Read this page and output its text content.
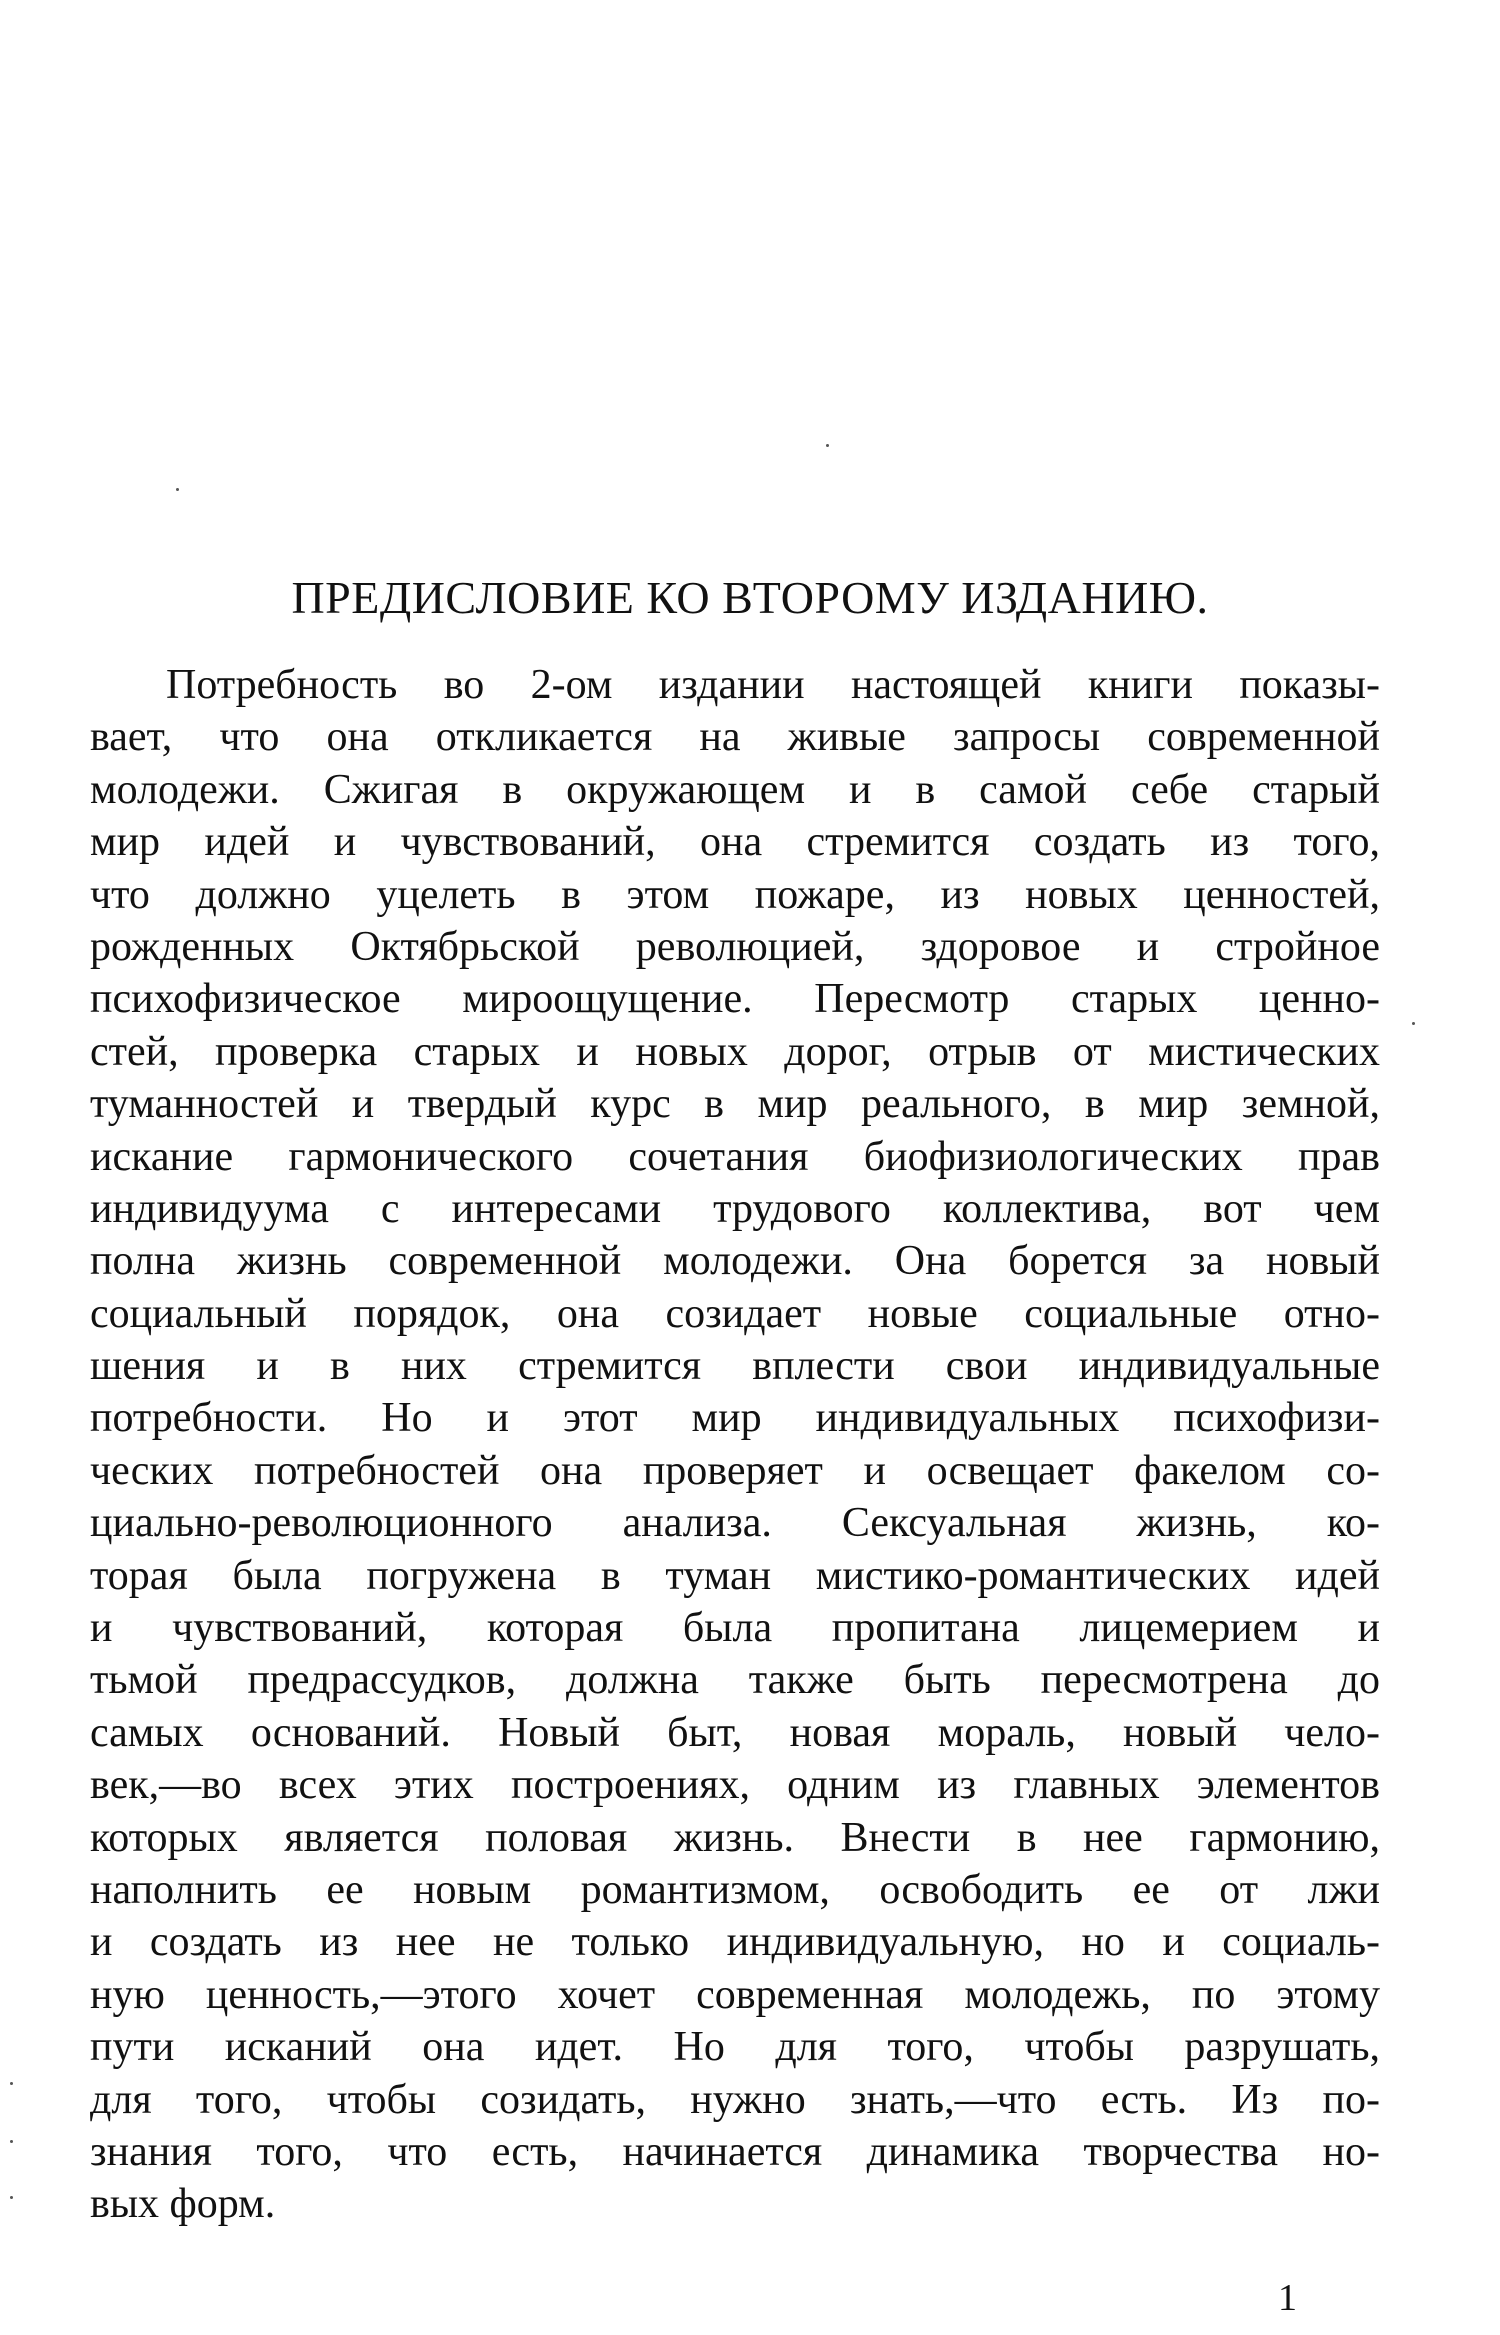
ПРЕДИСЛОВИЕ КО ВТОРОМУ ИЗДАНИЮ.
Потребность во 2-ом издании настоящей книги показы-
вает, что она откликается на живые запросы современной
молодежи. Сжигая в окружающем и в самой себе старый
мир идей и чувствований, она стремится создать из того,
что должно уцелеть в этом пожаре, из новых ценностей,
рожденных Октябрьской революцией, здоровое и стройное
психофизическое мироощущение. Пересмотр старых ценно-
стей, проверка старых и новых дорог, отрыв от мистических
туманностей и твердый курс в мир реального, в мир земной,
искание гармонического сочетания биофизиологических прав
индивидуума с интересами трудового коллектива, вот чем
полна жизнь современной молодежи. Она борется за новый
социальный порядок, она созидает новые социальные отно-
шения и в них стремится вплести свои индивидуальные
потребности. Но и этот мир индивидуальных психофизи-
ческих потребностей она проверяет и освещает факелом со-
циально-революционного анализа. Сексуальная жизнь, ко-
торая была погружена в туман мистико-романтических идей
и чувствований, которая была пропитана лицемерием и
тьмой предрассудков, должна также быть пересмотрена до
самых оснований. Новый быт, новая мораль, новый чело-
век,—во всех этих построениях, одним из главных элементов
которых является половая жизнь. Внести в нее гармонию,
наполнить ее новым романтизмом, освободить ее от лжи
и создать из нее не только индивидуальную, но и социаль-
ную ценность,—этого хочет современная молодежь, по этому
пути исканий она идет. Но для того, чтобы разрушать,
для того, чтобы созидать, нужно знать,—что есть. Из по-
знания того, что есть, начинается динамика творчества но-
вых форм.
1
